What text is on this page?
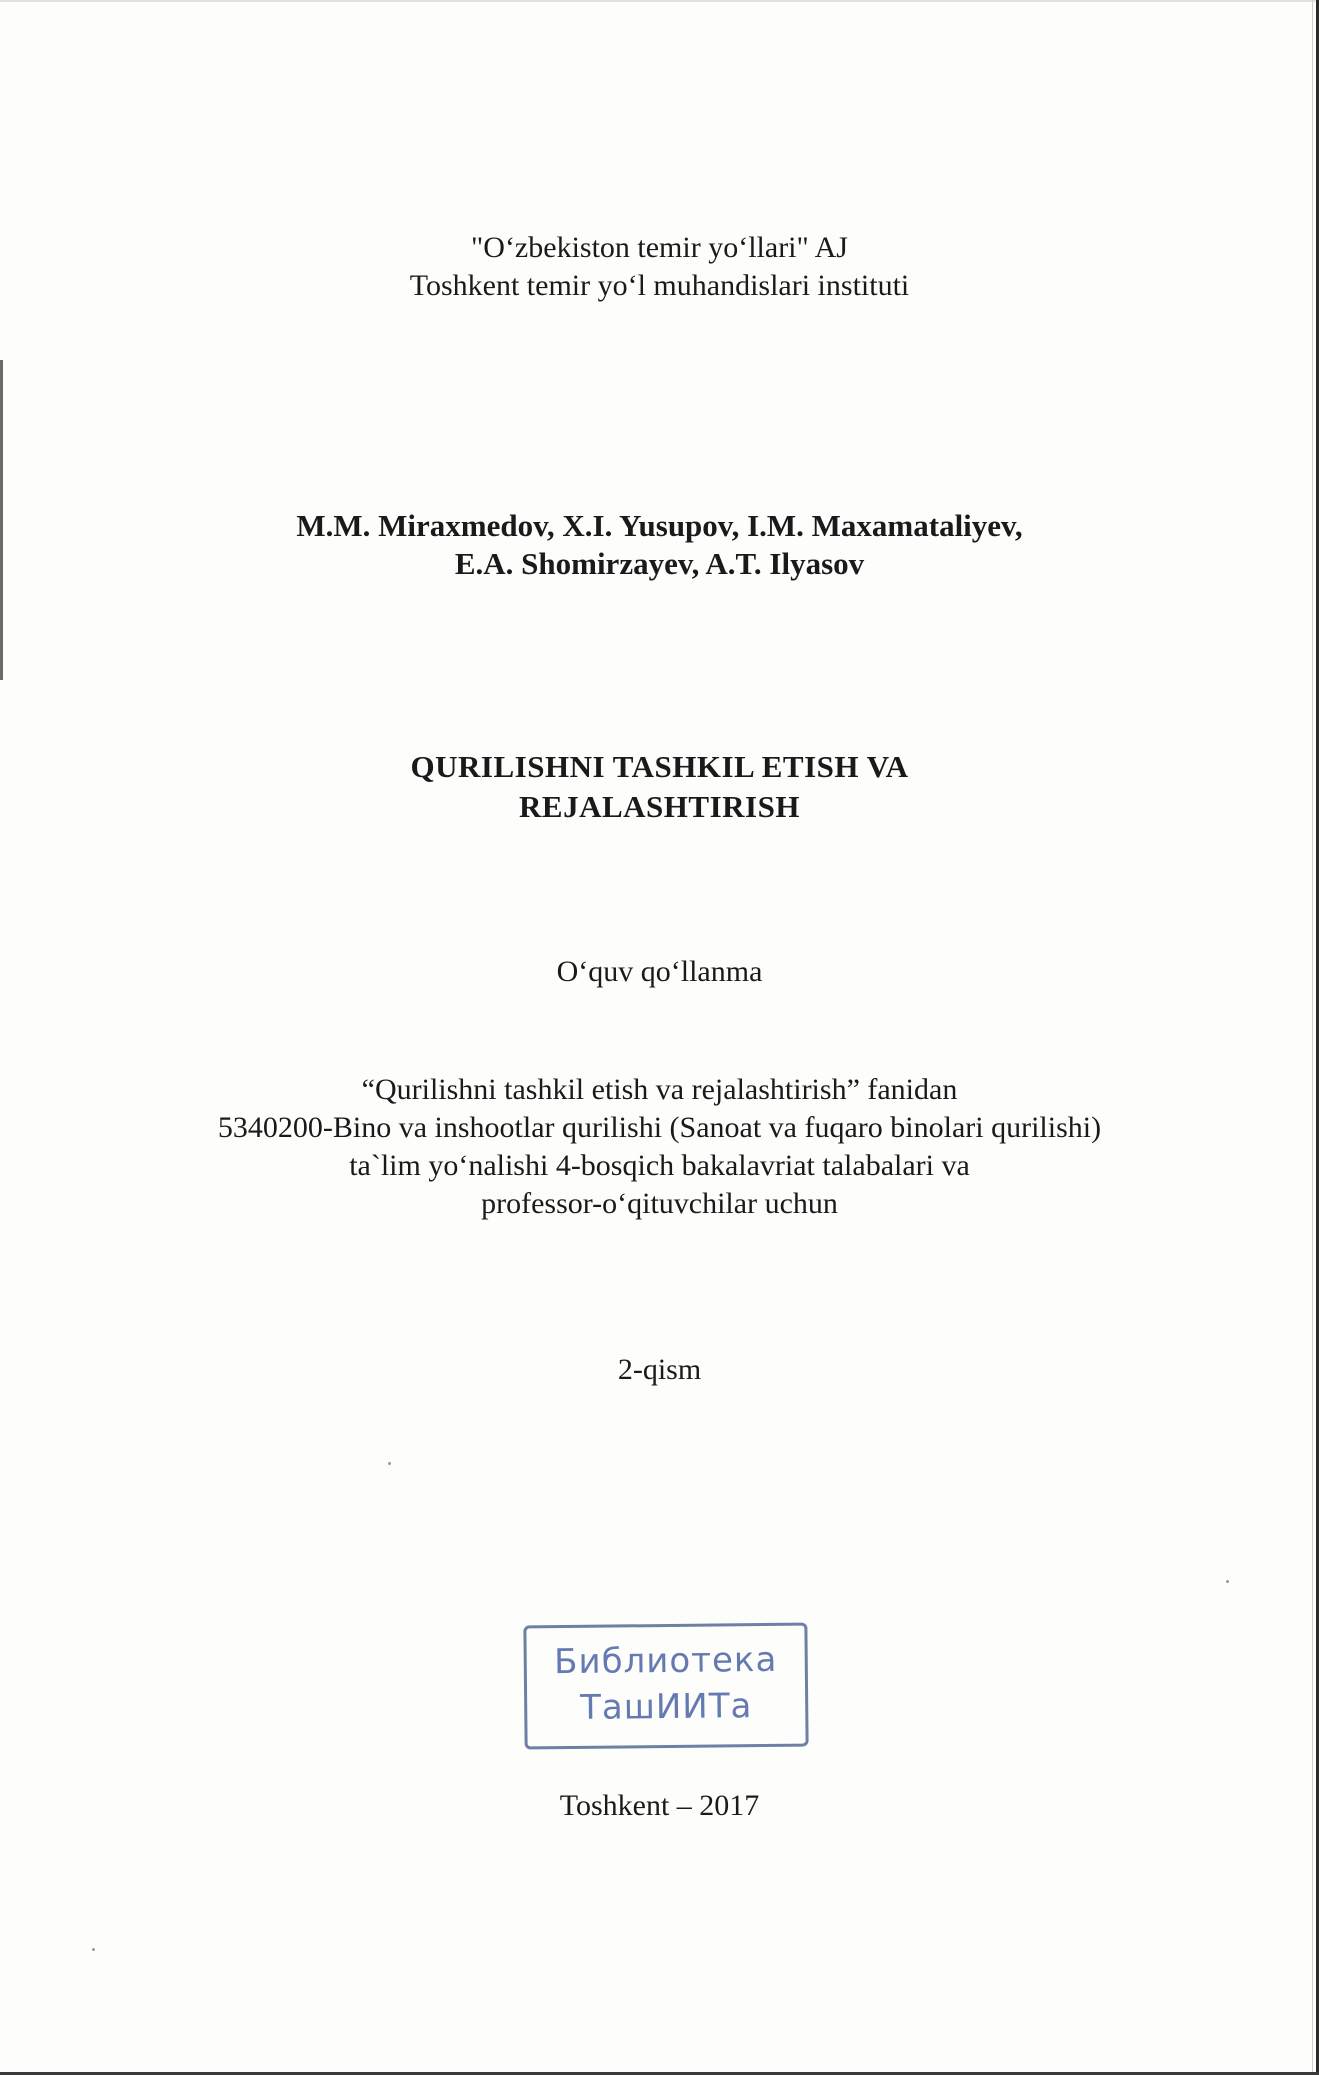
"O‘zbekiston temir yo‘llari" AJ
Toshkent temir yo‘l muhandislari instituti
M.M. Miraxmedov, X.I. Yusupov, I.M. Maxamataliyev,
E.A. Shomirzayev, A.T. Ilyasov
QURILISHNI TASHKIL ETISH VA
REJALASHTIRISH
O‘quv qo‘llanma
“Qurilishni tashkil etish va rejalashtirish” fanidan
5340200-Bino va inshootlar qurilishi (Sanoat va fuqaro binolari qurilishi)
ta`lim yo‘nalishi 4-bosqich bakalavriat talabalari va
professor-o‘qituvchilar uchun
2-qism
Библиотека
ТашИИТа
Toshkent – 2017
